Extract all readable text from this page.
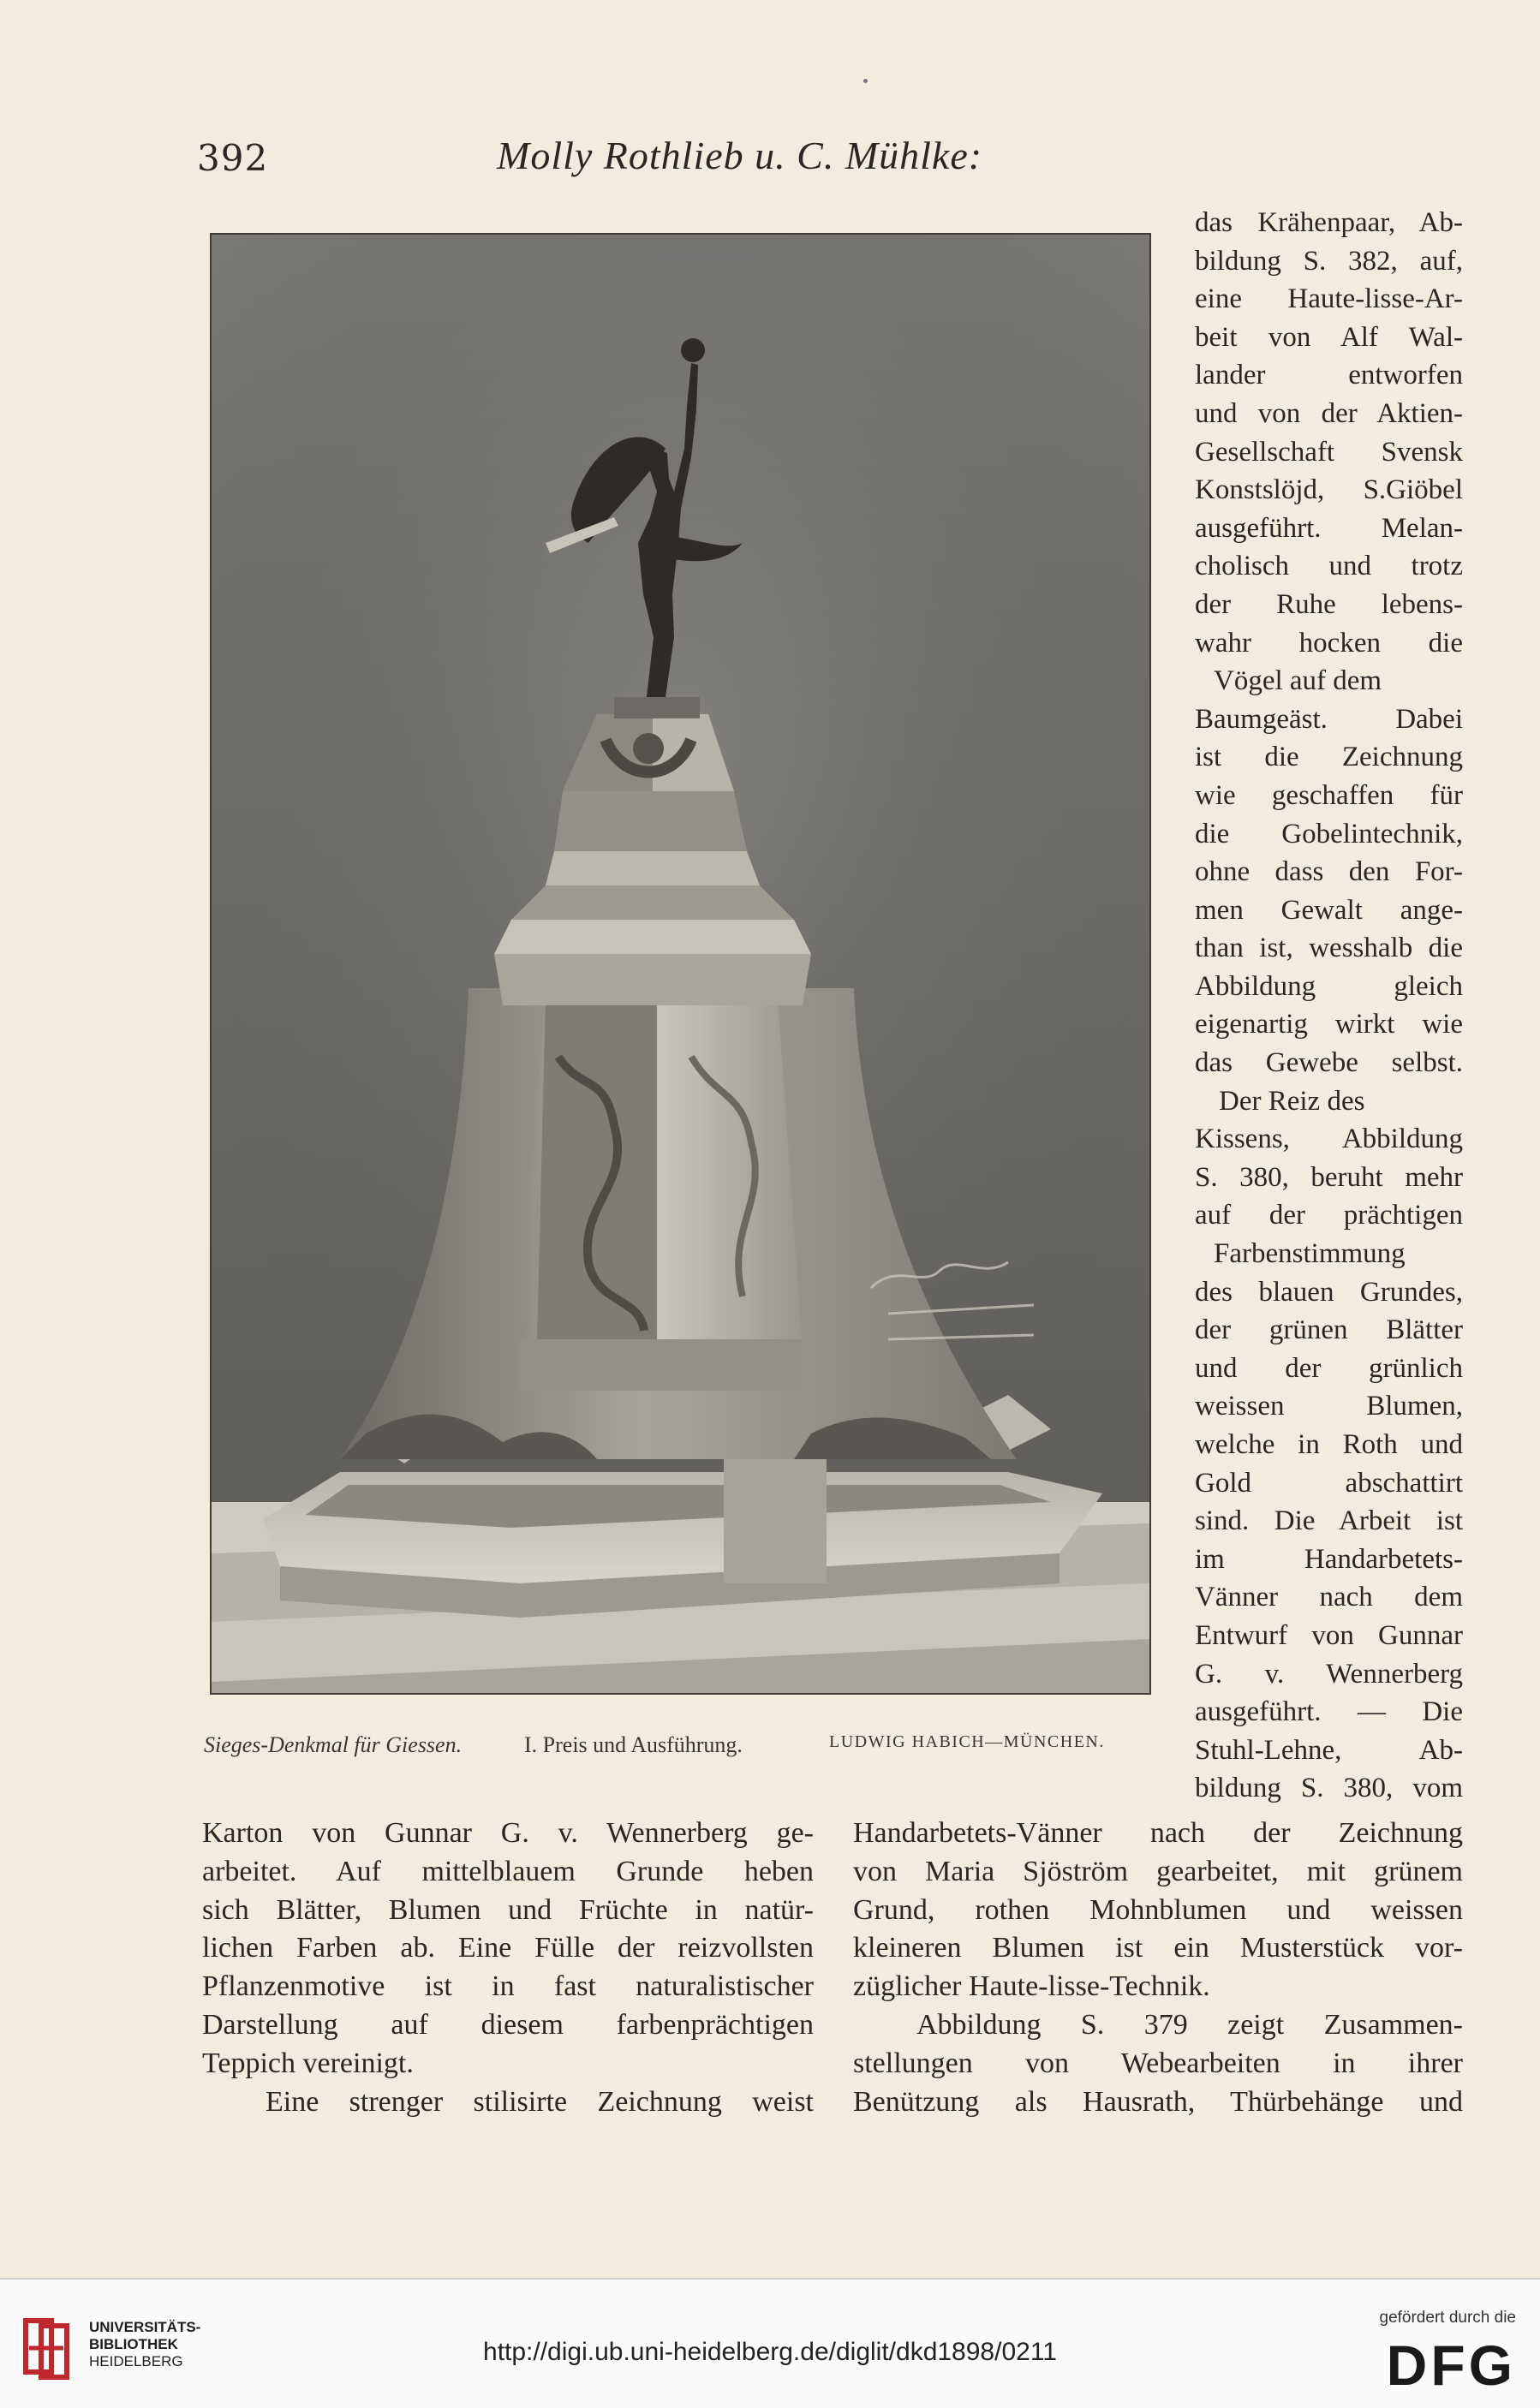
392	Molly Rothlieb u. C. Mühlke:
Sieges-Denkmal für Giessen.	I. Preis und Ausführung.	LUDWIG HABICH—MÜNCHEN.
das Krähenpaar, Ab-
bildung S. 382, auf,
eine Haute-lisse-Ar-
beit von Alf Wal-
lander entworfen
und von der Aktien-
Gesellschaft Svensk
Konstslöjd, S.Giöbel
ausgeführt. Melan-
cholisch und trotz
der Ruhe lebens-
wahr hocken die
Vögel auf dem
Baumgeäst. Dabei
ist die Zeichnung
wie geschaffen für
die Gobelintechnik,
ohne dass den For-
men Gewalt ange-
than ist, wesshalb die
Abbildung gleich
eigenartig wirkt wie
das Gewebe selbst.
Der Reiz des
Kissens, Abbildung
S. 380, beruht mehr
auf der prächtigen
Farbenstimmung
des blauen Grundes,
der grünen Blätter
und der grünlich
weissen Blumen,
welche in Roth und
Gold abschattirt
sind. Die Arbeit ist
im Handarbetets-
Vänner nach dem
Entwurf von Gunnar
G. v. Wennerberg
ausgeführt. — Die
Stuhl-Lehne, Ab-
bildung S. 380, vom
Karton von Gunnar G. v. Wennerberg ge-
arbeitet. Auf mittelblauem Grunde heben
sich Blätter, Blumen und Früchte in natür-
lichen Farben ab. Eine Fülle der reizvollsten
Pflanzenmotive ist in fast naturalistischer
Darstellung auf diesem farbenprächtigen
Teppich vereinigt.
Eine strenger stilisirte Zeichnung weist
Handarbetets-Vänner nach der Zeichnung
von Maria Sjöström gearbeitet, mit grünem
Grund, rothen Mohnblumen und weissen
kleineren Blumen ist ein Musterstück vor-
züglicher Haute-lisse-Technik.
Abbildung S. 379 zeigt Zusammen-
stellungen von Webearbeiten in ihrer
Benützung als Hausrath, Thürbehänge und
UNIVERSITÄTS-
BIBLIOTHEK
HEIDELBERG	http://digi.ub.uni-heidelberg.de/diglit/dkd1898/0211
gefördert durch die
DFG
